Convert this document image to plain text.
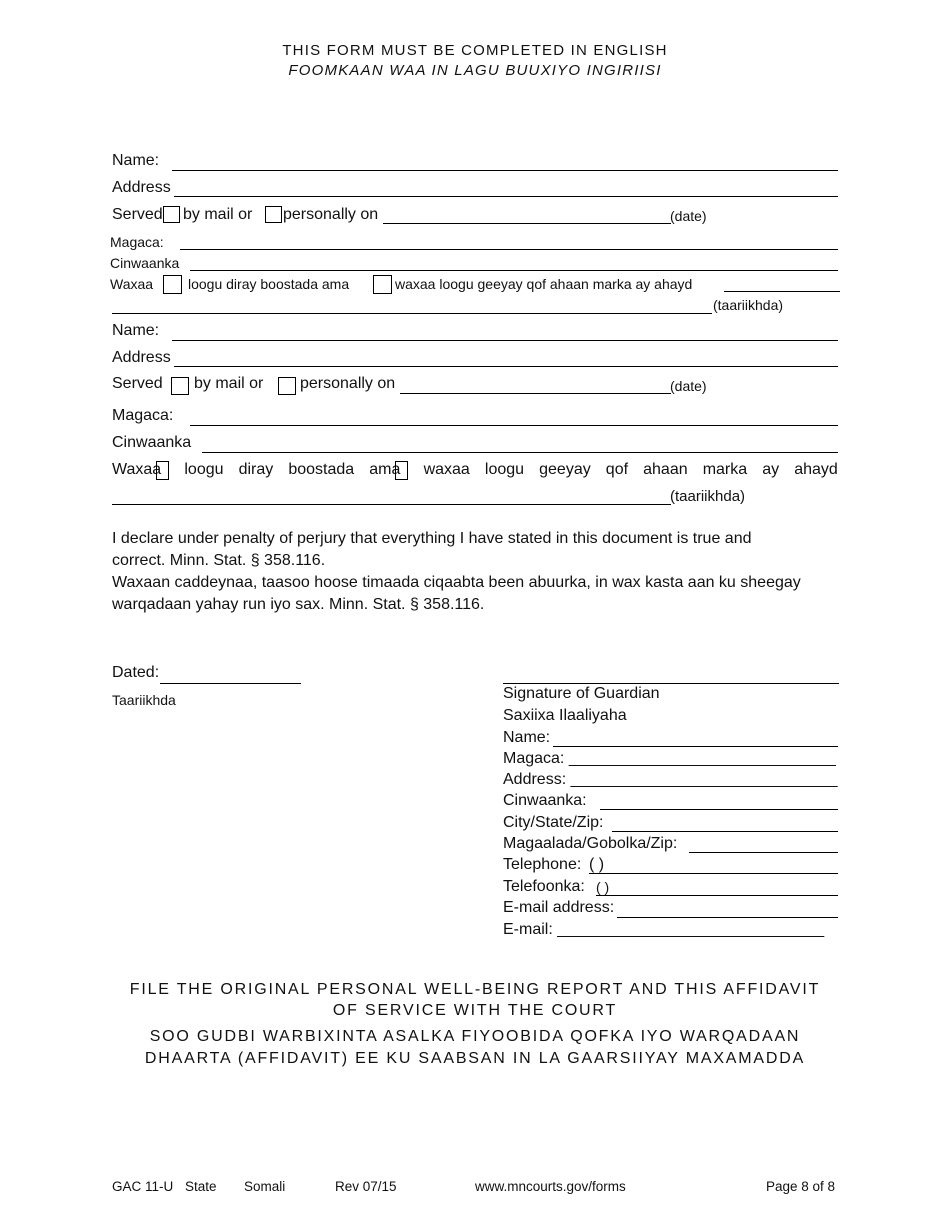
THIS FORM MUST BE COMPLETED IN ENGLISH
FOOMKAAN WAA IN LAGU BUUXIYO INGIRIISI
Name:
Address
Served by mail or personally on	(date)
Magaca:
Cinwaanka
Waxaa loogu diray boostada ama	waxaa loogu geeyay qof ahaan marka ay ahayd
(taariikhda)
Name:
Address
Served by mail or personally on	(date)
Magaca:
Cinwaanka
Waxaa loogu diray boostada ama waxaa loogu geeyay qof ahaan marka ay ahayd
(taariikhda)
I declare under penalty of perjury that everything I have stated in this document is true and
correct. Minn. Stat. § 358.116.
Waxaan caddeynaa, taasoo hoose timaada ciqaabta been abuurka, in wax kasta aan ku sheegay
warqadaan yahay run iyo sax. Minn. Stat. § 358.116.
Dated:
Taariikhda	Signature of Guardian
Saxiixa Ilaaliyaha
Name:
Magaca: ______________________________
Address: ______________________________
Cinwaanka:
City/State/Zip:
Magaalada/Gobolka/Zip:
Telephone: ( )
Telefoonka: ( )
E-mail address:
E-mail: ______________________________
FILE THE ORIGINAL PERSONAL WELL-BEING REPORT AND THIS AFFIDAVIT
OF SERVICE WITH THE COURT
SOO GUDBI WARBIXINTA ASALKA FIYOOBIDA QOFKA IYO WARQADAAN
DHAARTA (AFFIDAVIT) EE KU SAABSAN IN LA GAARSIIYAY MAXAMADDA
GAC 11-U State Somali	Rev 07/15	www.mncourts.gov/forms	Page 8 of 8
